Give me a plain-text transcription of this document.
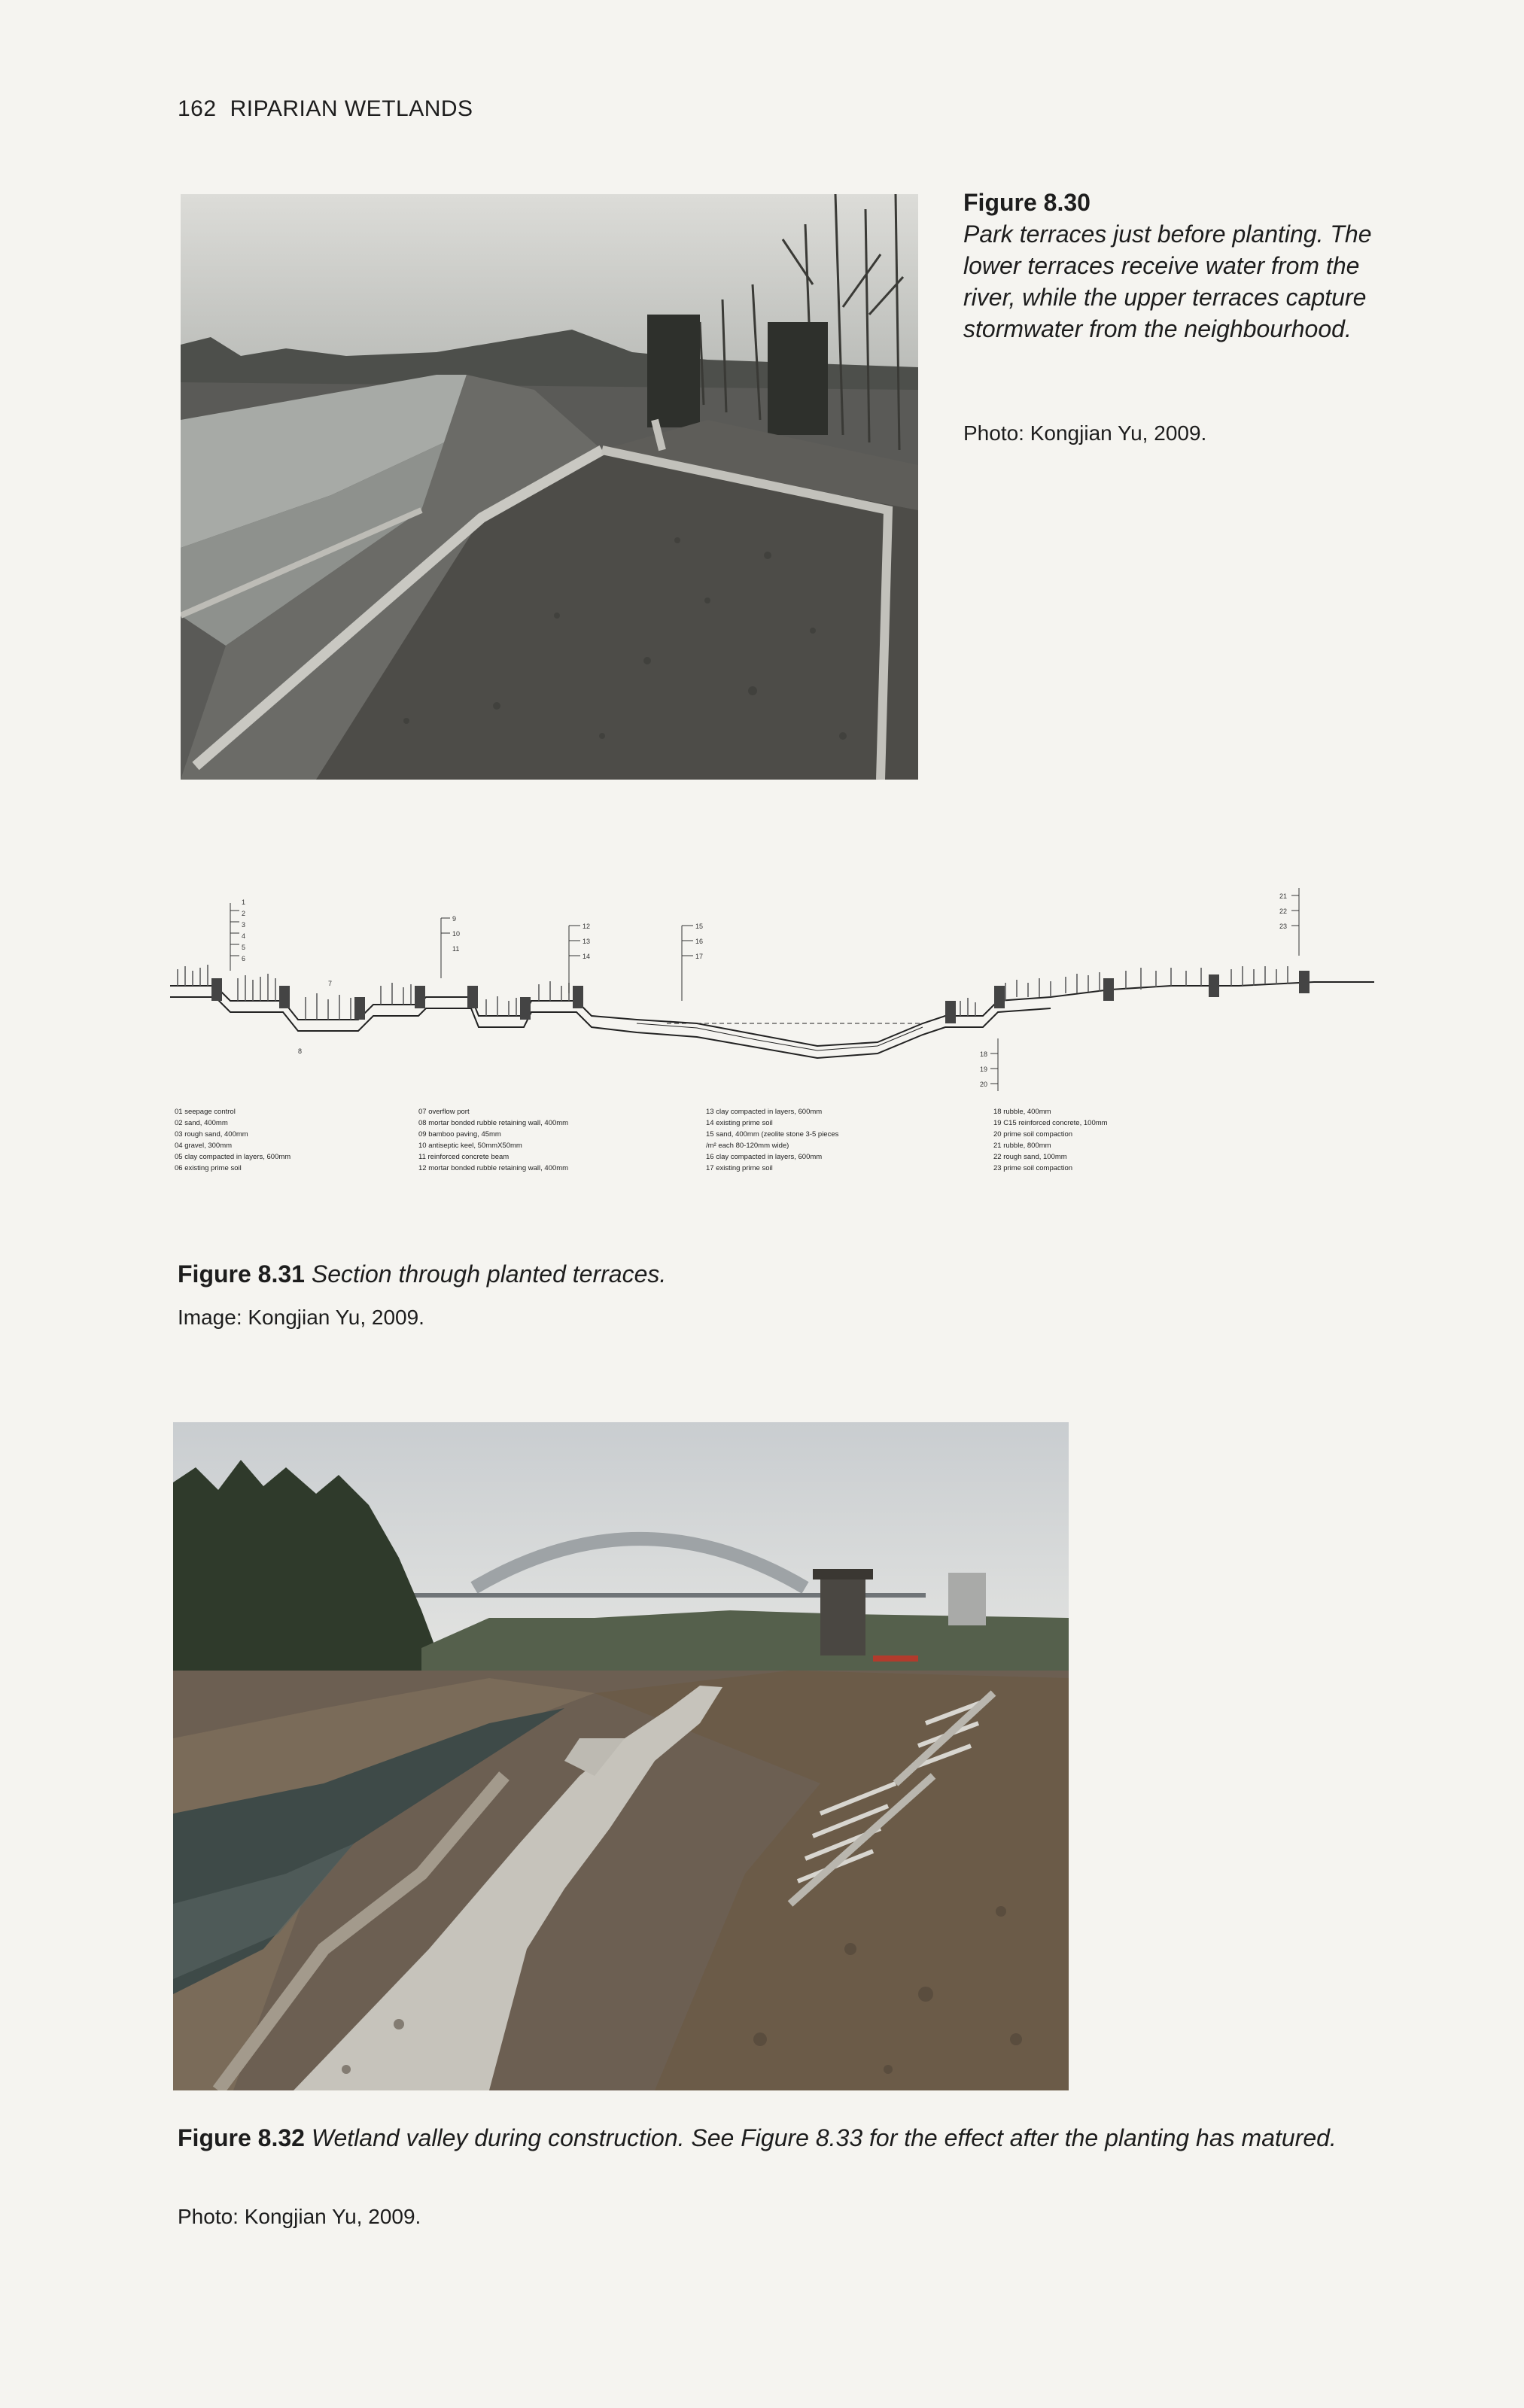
162 RIPARIAN WETLANDS
Figure 8.30
Park terraces just before planting. The lower terraces receive water from the river, while the upper terraces capture stormwater from the neighbourhood.
Photo: Kongjian Yu, 2009.
1
2
3
4
5
6
9
10
11
12
13
14
15
16
17
21
22
23
18
19
20
7
8
01 seepage control
02 sand, 400mm
03 rough sand, 400mm
04 gravel, 300mm
05 clay compacted in layers, 600mm
06 existing prime soil
07 overflow port
08 mortar bonded rubble retaining wall, 400mm
09 bamboo paving, 45mm
10 antiseptic keel, 50mmX50mm
11 reinforced concrete beam
12 mortar bonded rubble retaining wall, 400mm
13 clay compacted in layers, 600mm
14 existing prime soil
15 sand, 400mm (zeolite stone 3-5 pieces
/m² each 80-120mm wide)
16 clay compacted in layers, 600mm
17 existing prime soil
18 rubble, 400mm
19 C15 reinforced concrete, 100mm
20 prime soil compaction
21 rubble, 800mm
22 rough sand, 100mm
23 prime soil compaction
Figure 8.31 Section through planted terraces.
Image: Kongjian Yu, 2009.
Figure 8.32 Wetland valley during construction. See Figure 8.33 for the effect after the planting has matured.
Photo: Kongjian Yu, 2009.
